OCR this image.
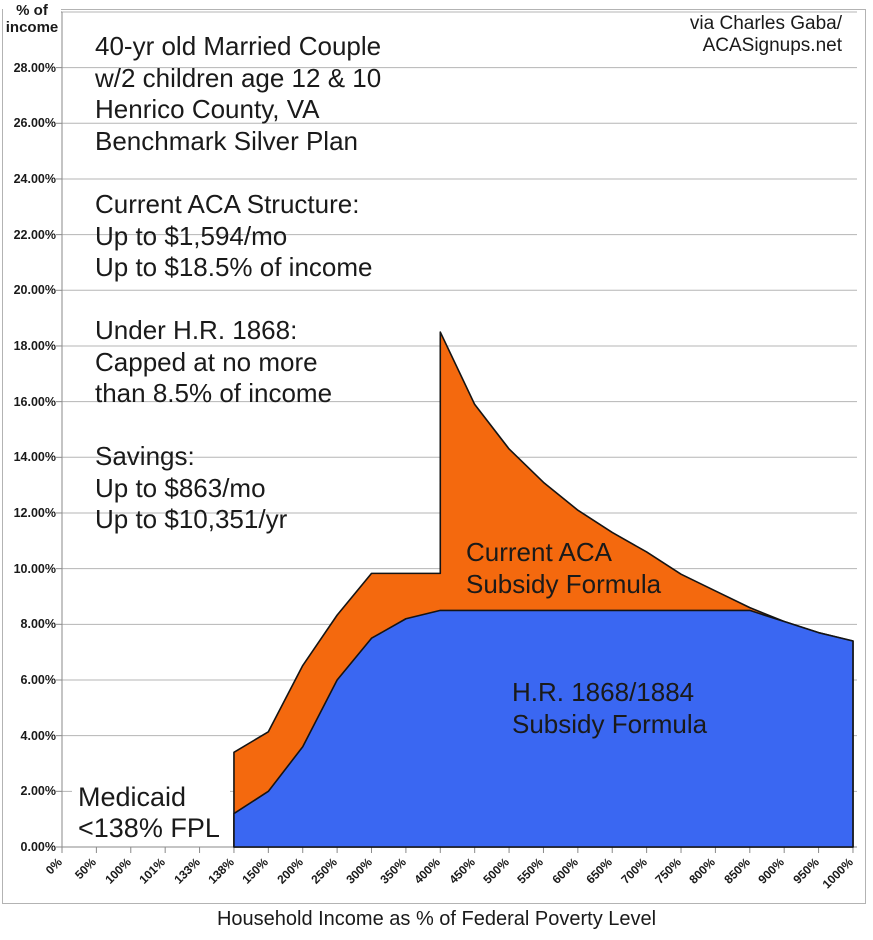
% of
income	via Charles Gaba/
ACASignups.net
40-yr old Married Couple
w/2 children age 12 & 10
Henrico County, VA
Benchmark Silver Plan
Current ACA Structure:
Up to $1,594/mo
Up to $18.5% of income
Under H.R. 1868:
Capped at no more
than 8.5% of income
Savings:
Up to $863/mo
Up to $10,351/yr
Medicaid
<138% FPL
Current ACA
Subsidy Formula
H.R. 1868/1884
Subsidy Formula
0.00%
2.00%
4.00%
6.00%
8.00%
10.00%
12.00%
14.00%
16.00%
18.00%
20.00%
22.00%
24.00%
26.00%
28.00%
0% 50% 100% 101% 133% 138% 150% 200% 250% 300% 350% 400% 450% 500% 550% 600% 650% 700% 750% 800% 850% 900% 950%
1000%
Household Income as % of Federal Poverty Level
